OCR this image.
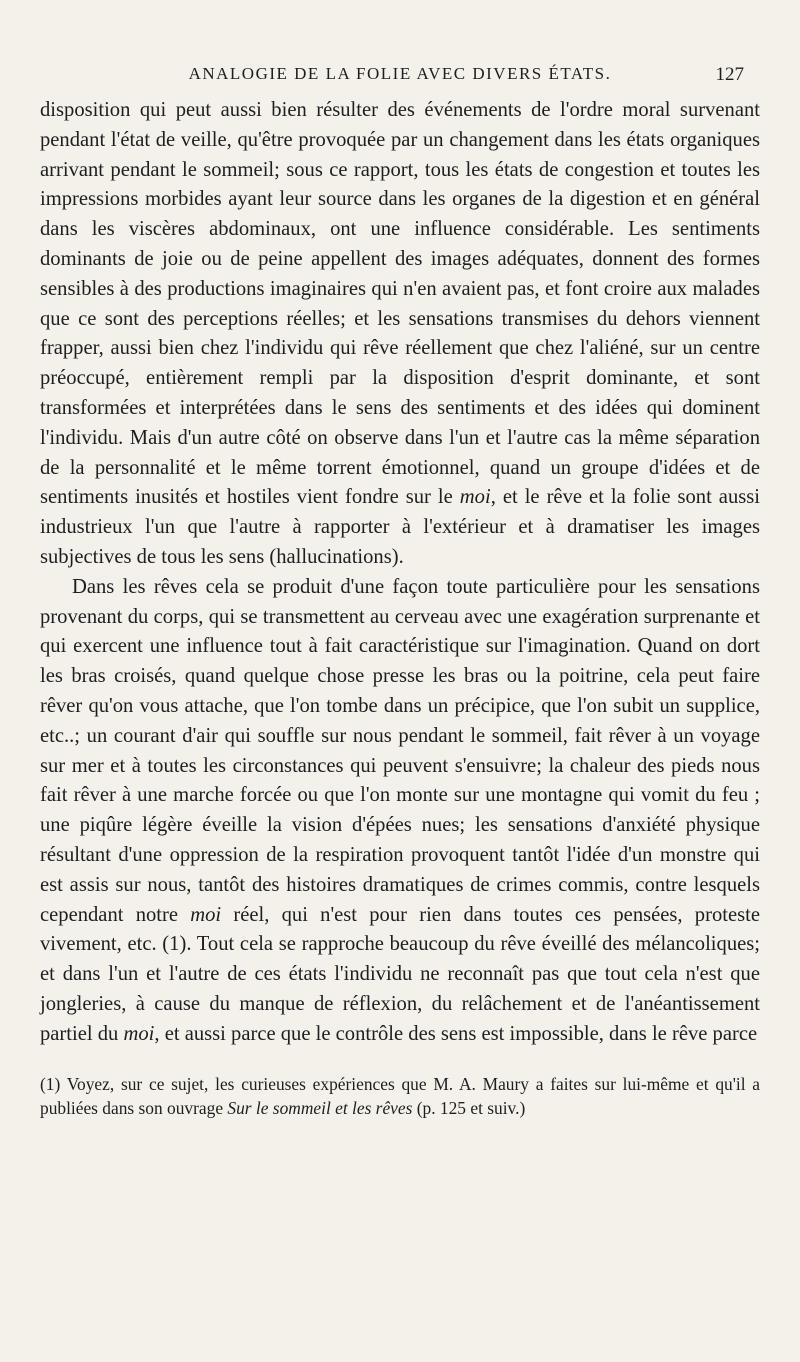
ANALOGIE DE LA FOLIE AVEC DIVERS ÉTATS.	127

disposition qui peut aussi bien résulter des événements de l'ordre moral survenant pendant l'état de veille, qu'être provoquée par un changement dans les états organiques arrivant pendant le sommeil; sous ce rapport, tous les états de congestion et toutes les impressions morbides ayant leur source dans les organes de la digestion et en général dans les viscères abdominaux, ont une influence considérable. Les sentiments dominants de joie ou de peine appellent des images adéquates, donnent des formes sensibles à des productions imaginaires qui n'en avaient pas, et font croire aux malades que ce sont des perceptions réelles; et les sensations transmises du dehors viennent frapper, aussi bien chez l'individu qui rêve réellement que chez l'aliéné, sur un centre préoccupé, entièrement rempli par la disposition d'esprit dominante, et sont transformées et interprétées dans le sens des sentiments et des idées qui dominent l'individu. Mais d'un autre côté on observe dans l'un et l'autre cas la même séparation de la personnalité et le même torrent émotionnel, quand un groupe d'idées et de sentiments inusités et hostiles vient fondre sur le moi, et le rêve et la folie sont aussi industrieux l'un que l'autre à rapporter à l'extérieur et à dramatiser les images subjectives de tous les sens (hallucinations).

Dans les rêves cela se produit d'une façon toute particulière pour les sensations provenant du corps, qui se transmettent au cerveau avec une exagération surprenante et qui exercent une influence tout à fait caractéristique sur l'imagination. Quand on dort les bras croisés, quand quelque chose presse les bras ou la poitrine, cela peut faire rêver qu'on vous attache, que l'on tombe dans un précipice, que l'on subit un supplice, etc..; un courant d'air qui souffle sur nous pendant le sommeil, fait rêver à un voyage sur mer et à toutes les circonstances qui peuvent s'ensuivre; la chaleur des pieds nous fait rêver à une marche forcée ou que l'on monte sur une montagne qui vomit du feu ; une piqûre légère éveille la vision d'épées nues; les sensations d'anxiété physique résultant d'une oppression de la respiration provoquent tantôt l'idée d'un monstre qui est assis sur nous, tantôt des histoires dramatiques de crimes commis, contre lesquels cependant notre moi réel, qui n'est pour rien dans toutes ces pensées, proteste vivement, etc. (1). Tout cela se rapproche beaucoup du rêve éveillé des mélancoliques; et dans l'un et l'autre de ces états l'individu ne reconnaît pas que tout cela n'est que jongleries, à cause du manque de réflexion, du relâchement et de l'anéantissement partiel du moi, et aussi parce que le contrôle des sens est impossible, dans le rêve parce

(1) Voyez, sur ce sujet, les curieuses expériences que M. A. Maury a faites sur lui-même et qu'il a publiées dans son ouvrage Sur le sommeil et les rêves (p. 125 et suiv.)
